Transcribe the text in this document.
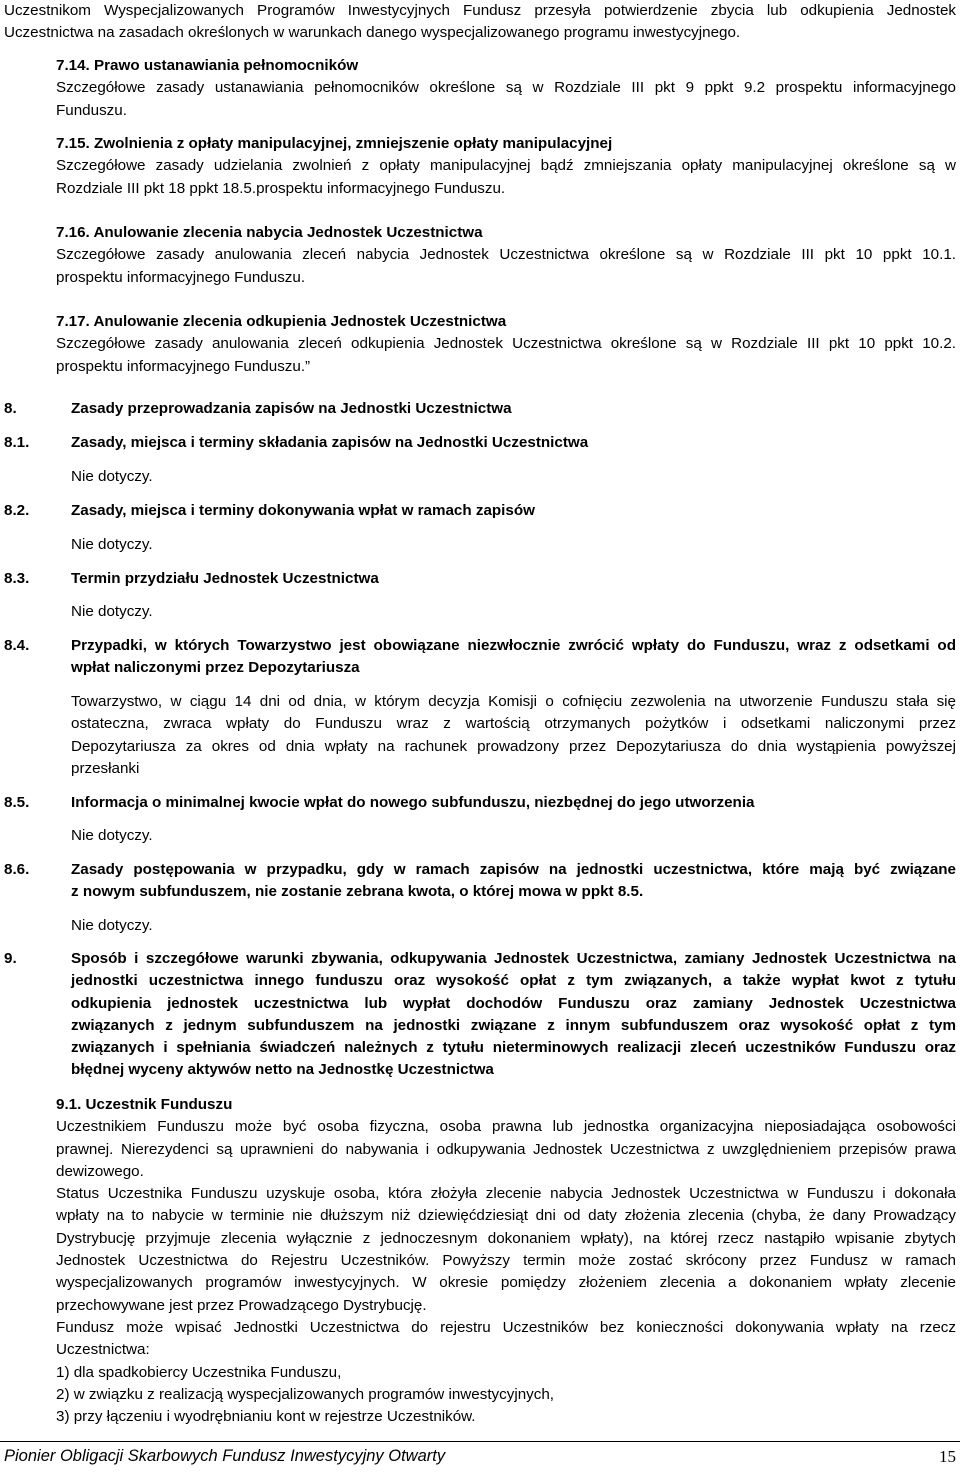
Uczestnikom Wyspecjalizowanych Programów Inwestycyjnych Fundusz przesyła potwierdzenie zbycia lub odkupienia Jednostek
Uczestnictwa na zasadach określonych w warunkach danego wyspecjalizowanego programu inwestycyjnego.
7.14. Prawo ustanawiania pełnomocników
Szczegółowe zasady ustanawiania pełnomocników określone są w Rozdziale III pkt 9 ppkt 9.2 prospektu informacyjnego
Funduszu.
7.15. Zwolnienia z opłaty manipulacyjnej, zmniejszenie opłaty manipulacyjnej
Szczegółowe zasady udzielania zwolnień z opłaty manipulacyjnej bądź zmniejszania opłaty manipulacyjnej określone są w
Rozdziale III pkt 18 ppkt 18.5.prospektu informacyjnego Funduszu.
7.16. Anulowanie zlecenia nabycia Jednostek Uczestnictwa
Szczegółowe zasady anulowania zleceń nabycia Jednostek Uczestnictwa określone są w Rozdziale III pkt 10 ppkt 10.1.
prospektu informacyjnego Funduszu.
7.17. Anulowanie zlecenia odkupienia Jednostek Uczestnictwa
Szczegółowe zasady anulowania zleceń odkupienia Jednostek Uczestnictwa określone są w Rozdziale III pkt 10 ppkt 10.2.
prospektu informacyjnego Funduszu.”
8.	Zasady przeprowadzania zapisów na Jednostki Uczestnictwa
8.1.	Zasady, miejsca i terminy składania zapisów na Jednostki Uczestnictwa
Nie dotyczy.
8.2.	Zasady, miejsca i terminy dokonywania wpłat w ramach zapisów
Nie dotyczy.
8.3.	Termin przydziału Jednostek Uczestnictwa
Nie dotyczy.
8.4.	Przypadki, w których Towarzystwo jest obowiązane niezwłocznie zwrócić wpłaty do Funduszu, wraz z odsetkami od
wpłat naliczonymi przez Depozytariusza
Towarzystwo, w ciągu 14 dni od dnia, w którym decyzja Komisji o cofnięciu zezwolenia na utworzenie Funduszu stała się
ostateczna, zwraca wpłaty do Funduszu wraz z wartością otrzymanych pożytków i odsetkami naliczonymi przez
Depozytariusza za okres od dnia wpłaty na rachunek prowadzony przez Depozytariusza do dnia wystąpienia powyższej
przesłanki
8.5.	Informacja o minimalnej kwocie wpłat do nowego subfunduszu, niezbędnej do jego utworzenia
Nie dotyczy.
8.6.	Zasady postępowania w przypadku, gdy w ramach zapisów na jednostki uczestnictwa, które mają być związane
z nowym subfunduszem, nie zostanie zebrana kwota, o której mowa w ppkt 8.5.
Nie dotyczy.
9.	Sposób i szczegółowe warunki zbywania, odkupywania Jednostek Uczestnictwa, zamiany Jednostek Uczestnictwa na
jednostki uczestnictwa innego funduszu oraz wysokość opłat z tym związanych, a także wypłat kwot z tytułu
odkupienia jednostek uczestnictwa lub wypłat dochodów Funduszu oraz zamiany Jednostek Uczestnictwa
związanych z jednym subfunduszem na jednostki związane z innym subfunduszem oraz wysokość opłat z tym
związanych i spełniania świadczeń należnych z tytułu nieterminowych realizacji zleceń uczestników Funduszu oraz
błędnej wyceny aktywów netto na Jednostkę Uczestnictwa
9.1. Uczestnik Funduszu
Uczestnikiem Funduszu może być osoba fizyczna, osoba prawna lub jednostka organizacyjna nieposiadająca osobowości
prawnej. Nierezydenci są uprawnieni do nabywania i odkupywania Jednostek Uczestnictwa z uwzględnieniem przepisów prawa
dewizowego.
Status Uczestnika Funduszu uzyskuje osoba, która złożyła zlecenie nabycia Jednostek Uczestnictwa w Funduszu i dokonała
wpłaty na to nabycie w terminie nie dłuższym niż dziewięćdziesiąt dni od daty złożenia zlecenia (chyba, że dany Prowadzący
Dystrybucję przyjmuje zlecenia wyłącznie z jednoczesnym dokonaniem wpłaty), na której rzecz nastąpiło wpisanie zbytych
Jednostek Uczestnictwa do Rejestru Uczestników. Powyższy termin może zostać skrócony przez Fundusz w ramach
wyspecjalizowanych programów inwestycyjnych. W okresie pomiędzy złożeniem zlecenia a dokonaniem wpłaty zlecenie
przechowywane jest przez Prowadzącego Dystrybucję.
Fundusz może wpisać Jednostki Uczestnictwa do rejestru Uczestników bez konieczności dokonywania wpłaty na rzecz
Uczestnictwa:
1) dla spadkobiercy Uczestnika Funduszu,
2) w związku z realizacją wyspecjalizowanych programów inwestycyjnych,
3) przy łączeniu i wyodrębnianiu kont w rejestrze Uczestników.
Pionier Obligacji Skarbowych Fundusz Inwestycyjny Otwarty	15
